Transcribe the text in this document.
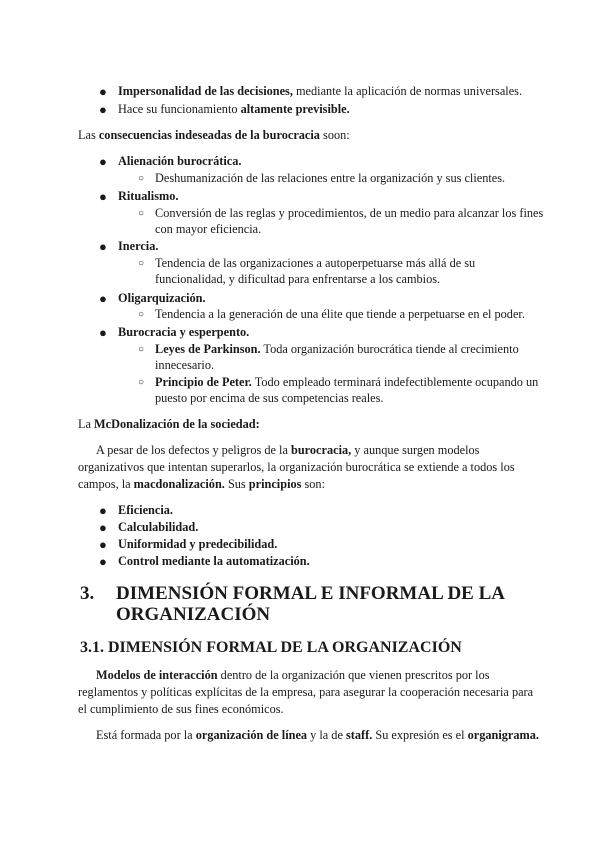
● Impersonalidad de las decisiones, mediante la aplicación de normas universales.
● Hace su funcionamiento altamente previsible.
Las consecuencias indeseadas de la burocracia soon:
● Alienación burocrática.
○ Deshumanización de las relaciones entre la organización y sus clientes.
● Ritualismo.
○ Conversión de las reglas y procedimientos, de un medio para alcanzar los fines
con mayor eficiencia.
● Inercia.
○ Tendencia de las organizaciones a autoperpetuarse más allá de su
funcionalidad, y dificultad para enfrentarse a los cambios.
● Oligarquización.
○ Tendencia a la generación de una élite que tiende a perpetuarse en el poder.
● Burocracia y esperpento.
○ Leyes de Parkinson. Toda organización burocrática tiende al crecimiento
innecesario.
○ Principio de Peter. Todo empleado terminará indefectiblemente ocupando un
puesto por encima de sus competencias reales.
La McDonalización de la sociedad:
A pesar de los defectos y peligros de la burocracia, y aunque surgen modelos
organizativos que intentan superarlos, la organización burocrática se extiende a todos los
campos, la macdonalización. Sus principios son:
● Eficiencia.
● Calculabilidad.
● Uniformidad y predecibilidad.
● Control mediante la automatización.
3. DIMENSIÓN FORMAL E INFORMAL DE LA
ORGANIZACIÓN
3.1. DIMENSIÓN FORMAL DE LA ORGANIZACIÓN
Modelos de interacción dentro de la organización que vienen prescritos por los
reglamentos y políticas explícitas de la empresa, para asegurar la cooperación necesaria para
el cumplimiento de sus fines económicos.
Está formada por la organización de línea y la de staff. Su expresión es el organigrama.
